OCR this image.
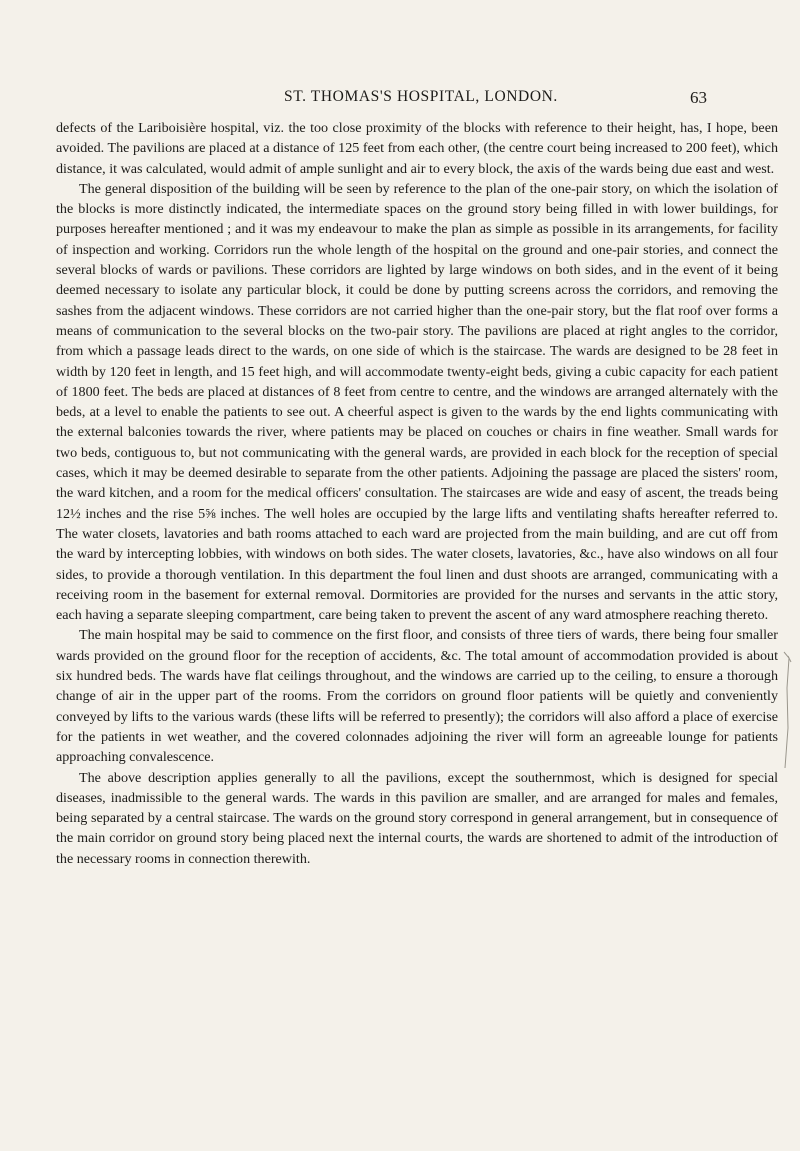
ST. THOMAS'S HOSPITAL, LONDON.	63

defects of the Lariboisière hospital, viz. the too close proximity of the blocks with reference to their height, has, I hope, been avoided. The pavilions are placed at a distance of 125 feet from each other, (the centre court being increased to 200 feet), which distance, it was calculated, would admit of ample sunlight and air to every block, the axis of the wards being due east and west.

The general disposition of the building will be seen by reference to the plan of the one-pair story, on which the isolation of the blocks is more distinctly indicated, the intermediate spaces on the ground story being filled in with lower buildings, for purposes hereafter mentioned ; and it was my endeavour to make the plan as simple as possible in its arrangements, for facility of inspection and working. Corridors run the whole length of the hospital on the ground and one-pair stories, and connect the several blocks of wards or pavilions. These corridors are lighted by large windows on both sides, and in the event of it being deemed necessary to isolate any particular block, it could be done by putting screens across the corridors, and removing the sashes from the adjacent windows. These corridors are not carried higher than the one-pair story, but the flat roof over forms a means of communication to the several blocks on the two-pair story. The pavilions are placed at right angles to the corridor, from which a passage leads direct to the wards, on one side of which is the staircase. The wards are designed to be 28 feet in width by 120 feet in length, and 15 feet high, and will accommodate twenty-eight beds, giving a cubic capacity for each patient of 1800 feet. The beds are placed at distances of 8 feet from centre to centre, and the windows are arranged alternately with the beds, at a level to enable the patients to see out. A cheerful aspect is given to the wards by the end lights communicating with the external balconies towards the river, where patients may be placed on couches or chairs in fine weather. Small wards for two beds, contiguous to, but not communicating with the general wards, are provided in each block for the reception of special cases, which it may be deemed desirable to separate from the other patients. Adjoining the passage are placed the sisters' room, the ward kitchen, and a room for the medical officers' consultation. The staircases are wide and easy of ascent, the treads being 12½ inches and the rise 5⅝ inches. The well holes are occupied by the large lifts and ventilating shafts hereafter referred to. The water closets, lavatories and bath rooms attached to each ward are projected from the main building, and are cut off from the ward by intercepting lobbies, with windows on both sides. The water closets, lavatories, &c., have also windows on all four sides, to provide a thorough ventilation. In this department the foul linen and dust shoots are arranged, communicating with a receiving room in the basement for external removal. Dormitories are provided for the nurses and servants in the attic story, each having a separate sleeping compartment, care being taken to prevent the ascent of any ward atmosphere reaching thereto.

The main hospital may be said to commence on the first floor, and consists of three tiers of wards, there being four smaller wards provided on the ground floor for the reception of accidents, &c. The total amount of accommodation provided is about six hundred beds. The wards have flat ceilings throughout, and the windows are carried up to the ceiling, to ensure a thorough change of air in the upper part of the rooms. From the corridors on ground floor patients will be quietly and conveniently conveyed by lifts to the various wards (these lifts will be referred to presently); the corridors will also afford a place of exercise for the patients in wet weather, and the covered colonnades adjoining the river will form an agreeable lounge for patients approaching convalescence.

The above description applies generally to all the pavilions, except the southernmost, which is designed for special diseases, inadmissible to the general wards. The wards in this pavilion are smaller, and are arranged for males and females, being separated by a central staircase. The wards on the ground story correspond in general arrangement, but in consequence of the main corridor on ground story being placed next the internal courts, the wards are shortened to admit of the introduction of the necessary rooms in connection therewith.
